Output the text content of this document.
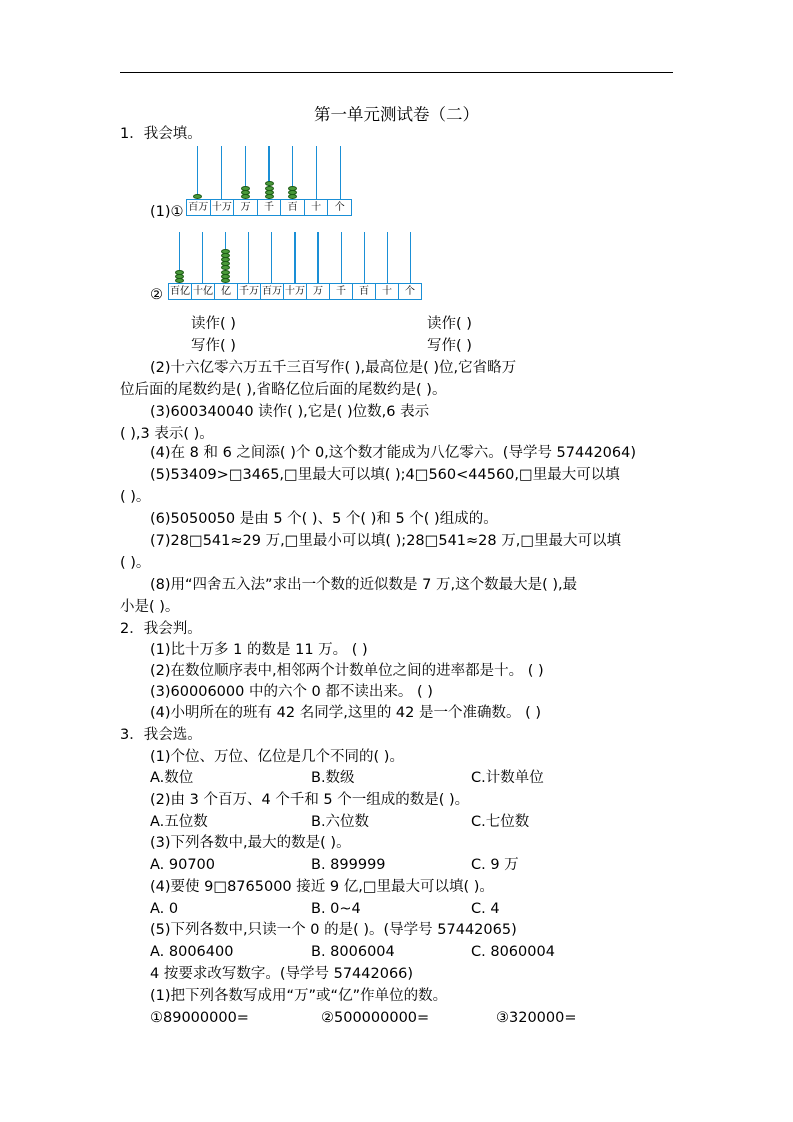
第一单元测试卷（二）
1．我会填。
(1)① 百万 十万 万	千	百	十	个
② 百亿 十亿 亿 千万 百万 十万 万	千	百	十	个
读作( )	读作( )
写作( )	写作( )
(2)十六亿零六万五千三百写作( ),最高位是( )位,它省略万
位后面的尾数约是( ),省略亿位后面的尾数约是( )。
(3)600340040 读作( ),它是( )位数,6 表示
( ),3 表示( )。
(4)在 8 和 6 之间添( )个 0,这个数才能成为八亿零六。(导学号 57442064)
(5)53409>□3465,□里最大可以填( );4□560<44560,□里最大可以填
( )。
(6)5050050 是由 5 个( )、5 个( )和 5 个( )组成的。
(7)28□541≈29 万,□里最小可以填( );28□541≈28 万,□里最大可以填
( )。
(8)用“四舍五入法”求出一个数的近似数是 7 万,这个数最大是( ),最
小是( )。
2．我会判。
(1)比十万多 1 的数是 11 万。 ( )
(2)在数位顺序表中,相邻两个计数单位之间的进率都是十。 ( )
(3)60006000 中的六个 0 都不读出来。 ( )
(4)小明所在的班有 42 名同学,这里的 42 是一个准确数。 ( )
3．我会选。
(1)个位、万位、亿位是几个不同的( )。
A.数位	B.数级	C.计数单位
(2)由 3 个百万、4 个千和 5 个一组成的数是( )。
A.五位数	B.六位数	C.七位数
(3)下列各数中,最大的数是( )。
A. 90700	B. 899999	C. 9 万
(4)要使 9□8765000 接近 9 亿,□里最大可以填( )。
A. 0	B. 0~4	C. 4
(5)下列各数中,只读一个 0 的是( )。(导学号 57442065)
A. 8006400	B. 8006004	C. 8060004
4 按要求改写数字。(导学号 57442066)
(1)把下列各数写成用“万”或“亿”作单位的数。
①89000000=	②500000000=	③320000=
